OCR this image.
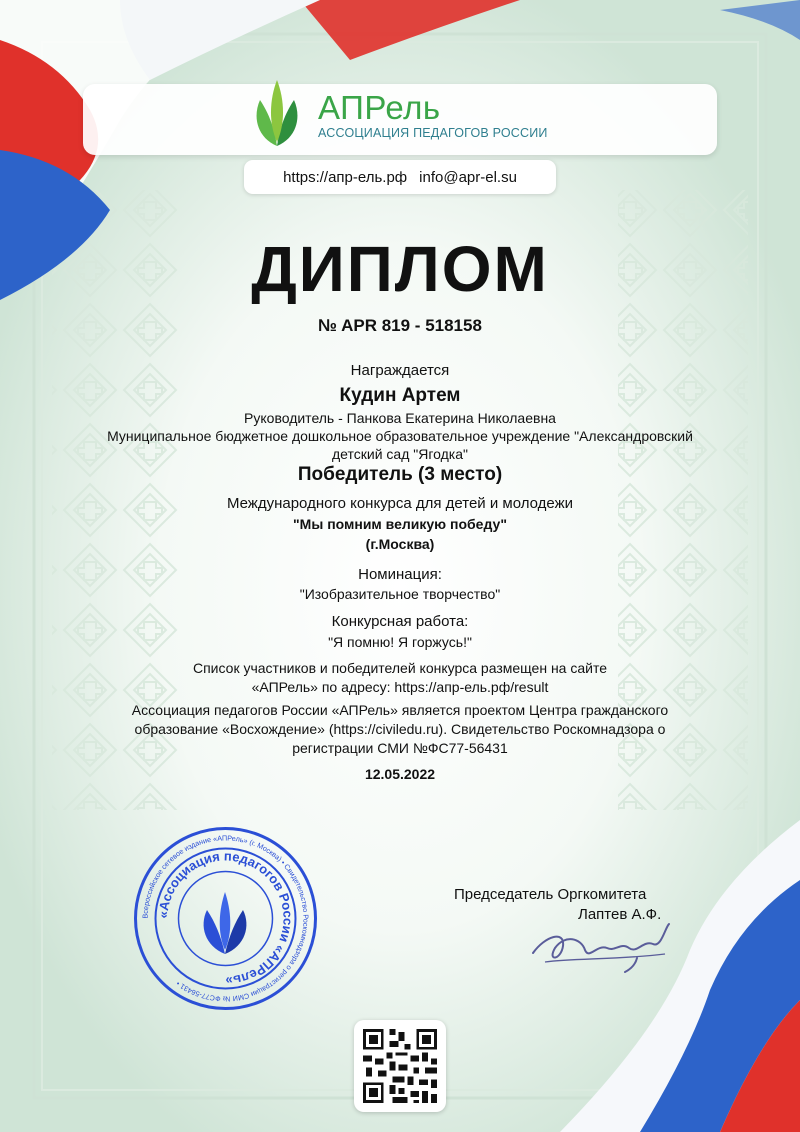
АПРель
АССОЦИАЦИЯ ПЕДАГОГОВ РОССИИ
https://апр-ель.рф info@apr-el.su
ДИПЛОМ
№ APR 819 - 518158
Награждается
Кудин Артем
Руководитель - Панкова Екатерина Николаевна
Муниципальное бюджетное дошкольное образовательное учреждение "Александровский
детский сад "Ягодка"
Победитель (3 место)
Международного конкурса для детей и молодежи
"Мы помним великую победу"
(г.Москва)
Номинация:
"Изобразительное творчество"
Конкурсная работа:
"Я помню! Я горжусь!"
Список участников и победителей конкурса размещен на сайте
«АПРель» по адресу: https://апр-ель.рф/result
Ассоциация педагогов России «АПРель» является проектом Центра гражданского
образование «Восхождение» (https://civiledu.ru). Свидетельство Роскомнадзора о
регистрации СМИ №ФС77-56431
12.05.2022
Всероссийское сетевое издание «АПРель» (г. Москва) • Свидетельство Роскомнадзора о регистрации СМИ № ФС77-56431 •
«Ассоциация педагогов России «АПРель»
Председатель Оргкомитета
Лаптев А.Ф.
